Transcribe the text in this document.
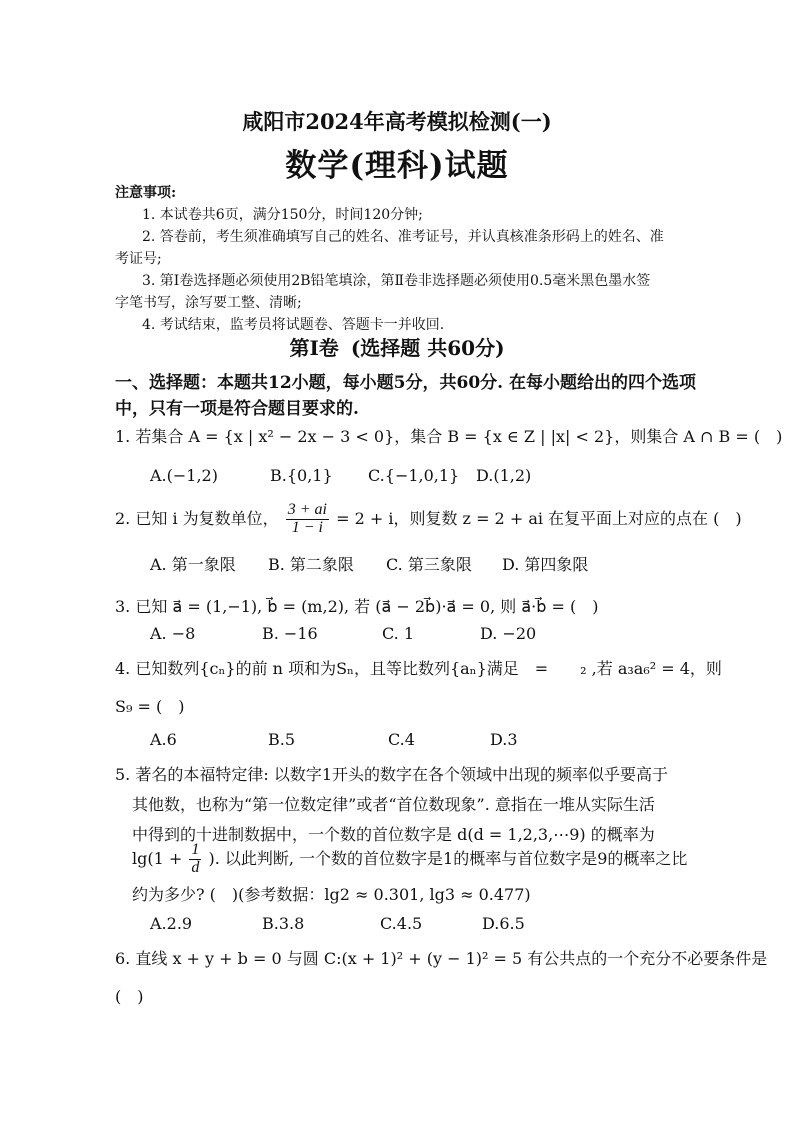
咸阳市2024年高考模拟检测(一)
数学(理科)试题
注意事项:
1. 本试卷共6页，满分150分，时间120分钟;
2. 答卷前，考生须准确填写自己的姓名、准考证号，并认真核准条形码上的姓名、准
考证号;
3. 第Ⅰ卷选择题必须使用2B铅笔填涂，第Ⅱ卷非选择题必须使用0.5毫米黑色墨水签
字笔书写，涂写要工整、清晰;
4. 考试结束，监考员将试题卷、答题卡一并收回.
第Ⅰ卷 (选择题 共60分)
一、选择题：本题共12小题，每小题5分，共60分. 在每小题给出的四个选项
中，只有一项是符合题目要求的.
1. 若集合 A = {x | x² − 2x − 3 < 0}，集合 B = {x ∈ Z | |x| < 2}，则集合 A ∩ B = (　)
A.(−1,2)	B.{0,1} C.{−1,0,1} D.(1,2)
2. 已知 i 为复数单位， $\frac{3 + ai}{1 - i} = 2 + i$，则复数 z = 2 + ai 在复平面上对应的点在 (　)
A. 第一象限 B. 第二象限 C. 第三象限 D. 第四象限
3. 已知 a⃗ = (1,−1), b⃗ = (m,2), 若 (a⃗ − 2b⃗)·a⃗ = 0, 则 a⃗·b⃗ = (　)
A. −8	B. −16	C. 1	D. −20
4. 已知数列{cₙ}的前 n 项和为Sₙ，且等比数列{aₙ}满足　=　　₂ ,若 a₃a₆² = 4，则
S₉ = (　)
A.6	B.5	C.4	D.3
5. 著名的本福特定律: 以数字1开头的数字在各个领域中出现的频率似乎要高于
其他数，也称为“第一位数定律”或者“首位数现象”. 意指在一堆从实际生活
中得到的十进制数据中，一个数的首位数字是 d(d = 1,2,3,⋯9) 的概率为
$\lg(1 + \frac{1}{d}$ ). 以此判断, 一个数的首位数字是1的概率与首位数字是9的概率之比
约为多少? (　)(参考数据：lg2 ≈ 0.301, lg3 ≈ 0.477)
A.2.9	B.3.8	C.4.5	D.6.5
6. 直线 x + y + b = 0 与圆 C:(x + 1)² + (y − 1)² = 5 有公共点的一个充分不必要条件是
(　)
